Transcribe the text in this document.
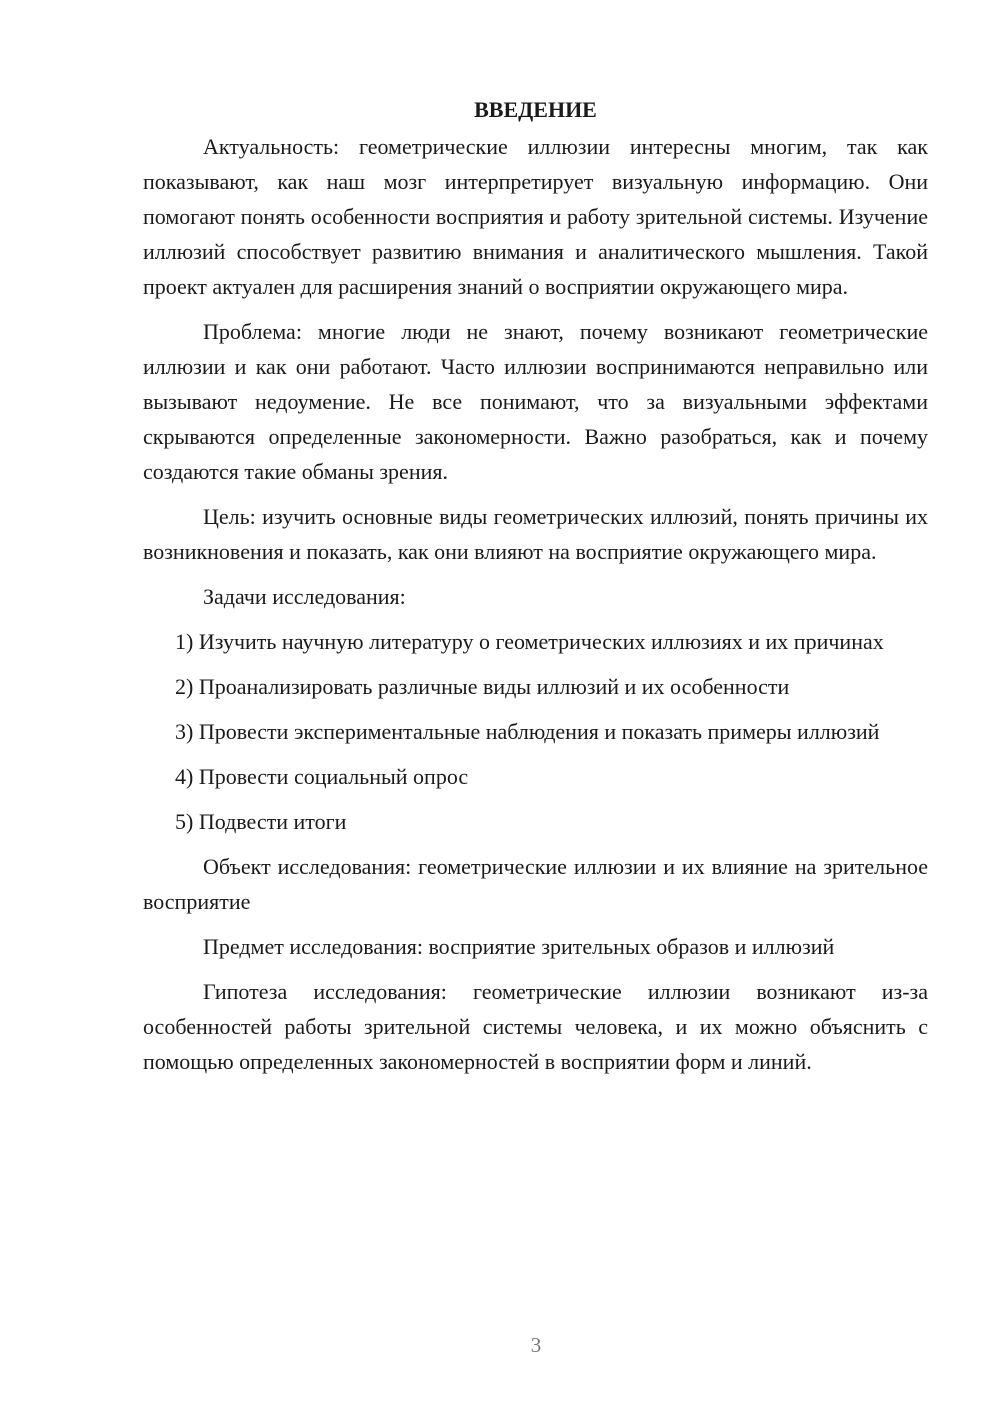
ВВЕДЕНИЕ

Актуальность: геометрические иллюзии интересны многим, так как показывают, как наш мозг интерпретирует визуальную информацию. Они помогают понять особенности восприятия и работу зрительной системы. Изучение иллюзий способствует развитию внимания и аналитического мышления. Такой проект актуален для расширения знаний о восприятии окружающего мира.

Проблема: многие люди не знают, почему возникают геометрические иллюзии и как они работают. Часто иллюзии воспринимаются неправильно или вызывают недоумение. Не все понимают, что за визуальными эффектами скрываются определенные закономерности. Важно разобраться, как и почему создаются такие обманы зрения.

Цель: изучить основные виды геометрических иллюзий, понять причины их возникновения и показать, как они влияют на восприятие окружающего мира.

Задачи исследования:

1) Изучить научную литературу о геометрических иллюзиях и их причинах

2) Проанализировать различные виды иллюзий и их особенности

3) Провести экспериментальные наблюдения и показать примеры иллюзий

4) Провести социальный опрос

5) Подвести итоги

Объект исследования: геометрические иллюзии и их влияние на зрительное восприятие

Предмет исследования: восприятие зрительных образов и иллюзий

Гипотеза исследования: геометрические иллюзии возникают из-за особенностей работы зрительной системы человека, и их можно объяснить с помощью определенных закономерностей в восприятии форм и линий.

3
